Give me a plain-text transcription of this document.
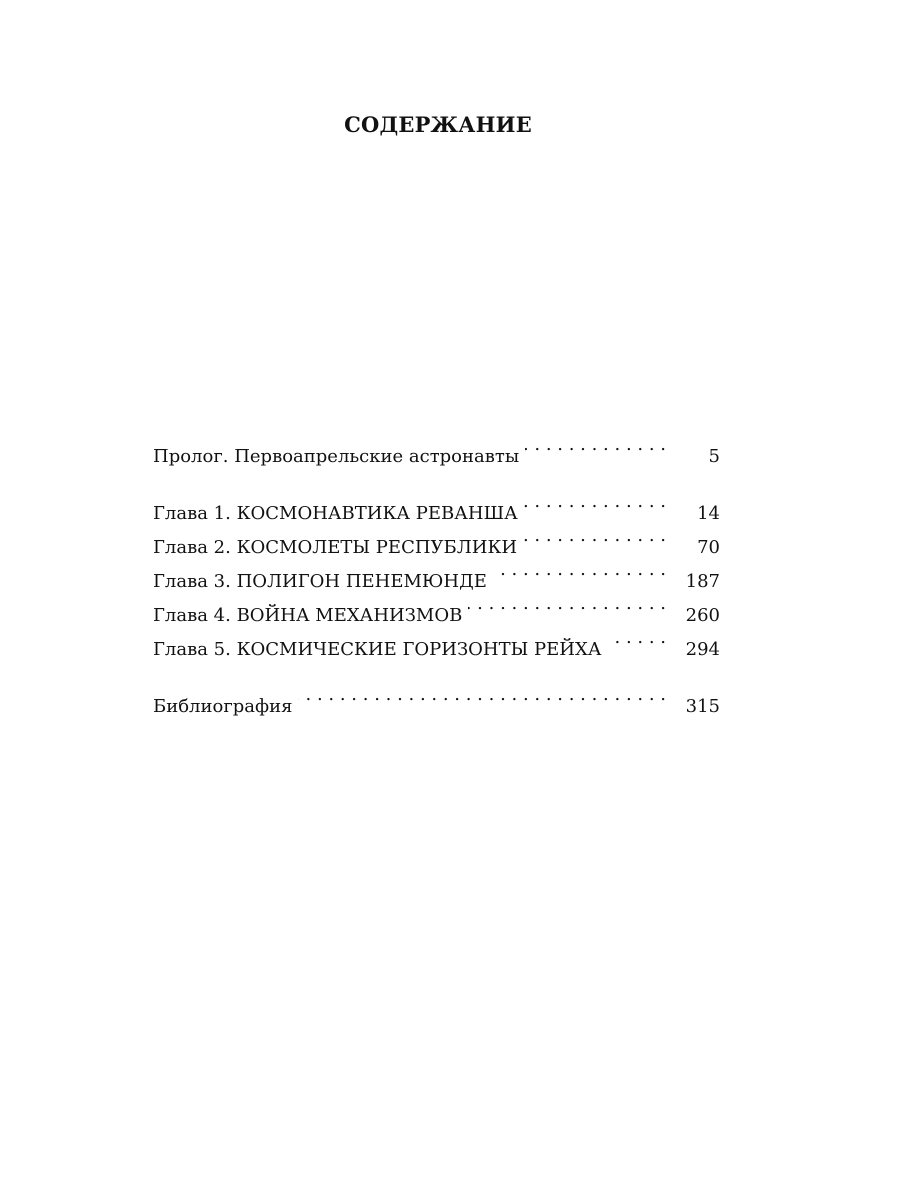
СОДЕРЖАНИЕ
Пролог. Первоапрельские астронавты . . .	5
Глава 1. КОСМОНАВТИКА РЕВАНША . . .	14
Глава 2. КОСМОЛЕТЫ РЕСПУБЛИКИ . . .	70
Глава 3. ПОЛИГОН ПЕНЕМЮНДЕ . . .	187
Глава 4. ВОЙНА МЕХАНИЗМОВ . . .	260
Глава 5. КОСМИЧЕСКИЕ ГОРИЗОНТЫ РЕЙХА . . .	294
Библиография . . .	315
